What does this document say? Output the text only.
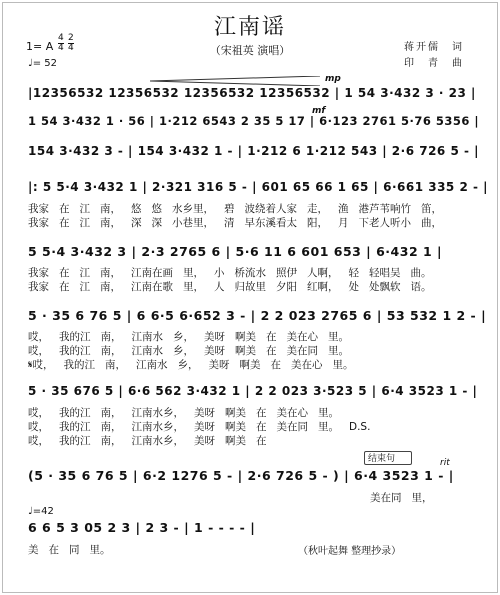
江南谣
（宋祖英 演唱）
1= A
4
4
2
4
♩= 52
蒋开儒　词
印　青　曲
mp
mf
|12356532 12356532 12356532 12356532 | 1 54 3·432 3 · 23 |
1 54 3·432 1 · 56 | 1·212 6543 2 35 5 17 | 6·123 2761 5·76 5356 |
154 3·432 3 - | 154 3·432 1 - | 1·212 6 1·212 543 | 2·6 726 5 - |
|: 5 5·4 3·432 1 | 2·321 316 5 - | 601 65 66 1 65 | 6·661 335 2 - |
我家 在 江 南， 悠 悠 水乡里， 碧 波绕着人家 走， 渔 港芦苇响竹 笛，
我家 在 江 南， 深 深 小巷里， 清 早东溪看太 阳， 月 下老人听小 曲，
5 5·4 3·432 3 | 2·3 2765 6 | 5·6 11 6 601 653 | 6·432 1 |
我家 在 江 南， 江南在画 里， 小 桥流水 照伊 人啊， 轻 轻唱吴 曲。
我家 在 江 南， 江南在歌 里， 人 归故里 夕阳 红啊， 处 处飘软 语。
5 · 35 6 76 5 | 6 6·5 6·652 3 - | 2 2 023 2765 6 | 53 532 1 2 - |
哎， 我的江 南， 江南水 乡， 美呀 啊美 在 美在心 里。
哎， 我的江 南， 江南水 乡， 美呀 啊美 在 美在同 里。
𝄋哎， 我的江 南， 江南水 乡， 美呀 啊美 在 美在心 里。
5 · 35 676 5 | 6·6 562 3·432 1 | 2 2 023 3·523 5 | 6·4 3523 1 - |
哎， 我的江 南， 江南水乡， 美呀 啊美 在 美在心 里。
哎， 我的江 南， 江南水乡， 美呀 啊美 在 美在同 里。 D.S.
哎， 我的江 南， 江南水乡， 美呀 啊美 在
结束句	rit
(5 · 35 6 76 5 | 6·2 1276 5 - | 2·6 726 5 - ) | 6·4 3523 1 - |
美在同 里，
♩=42
6 6 5 3 05 2 3 | 2 3 - | 1 - - - - |
美 在 同 里。	（秋叶起舞 整理抄录）
